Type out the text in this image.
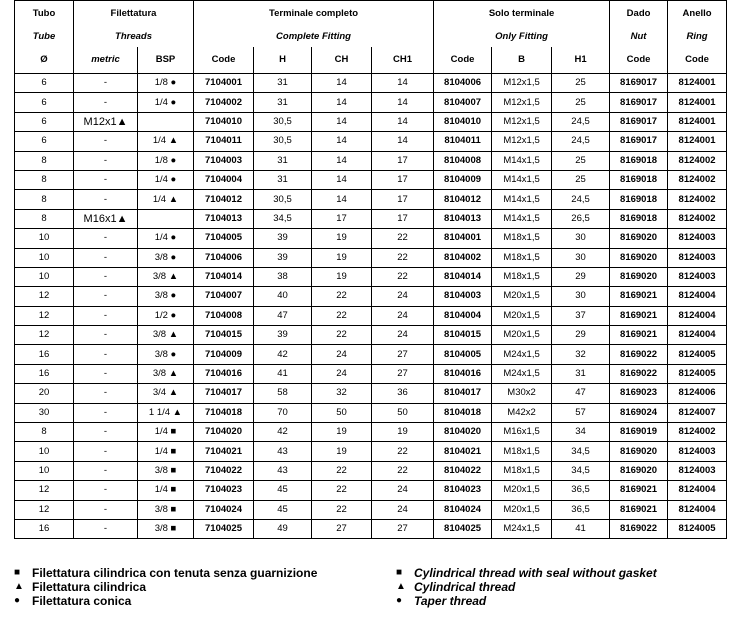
Tubo	Filettatura		Terminale completo				Solo terminale			Dado	Anello
Tube	Threads		Complete Fitting				Only Fitting			Nut	Ring
Ø	metric	BSP	Code	H	CH	CH1	Code	B	H1	Code	Code
6	-	1/8 ●	7104001	31	14	14	8104006	M12x1,5	25	8169017	8124001
6	-	1/4 ●	7104002	31	14	14	8104007	M12x1,5	25	8169017	8124001
6	M12x1▲		7104010	30,5	14	14	8104010	M12x1,5	24,5	8169017	8124001
6	-	1/4 ▲	7104011	30,5	14	14	8104011	M12x1,5	24,5	8169017	8124001
8	-	1/8 ●	7104003	31	14	17	8104008	M14x1,5	25	8169018	8124002
8	-	1/4 ●	7104004	31	14	17	8104009	M14x1,5	25	8169018	8124002
8	-	1/4 ▲	7104012	30,5	14	17	8104012	M14x1,5	24,5	8169018	8124002
8	M16x1▲		7104013	34,5	17	17	8104013	M14x1,5	26,5	8169018	8124002
10	-	1/4 ●	7104005	39	19	22	8104001	M18x1,5	30	8169020	8124003
10	-	3/8 ●	7104006	39	19	22	8104002	M18x1,5	30	8169020	8124003
10	-	3/8 ▲	7104014	38	19	22	8104014	M18x1,5	29	8169020	8124003
12	-	3/8 ●	7104007	40	22	24	8104003	M20x1,5	30	8169021	8124004
12	-	1/2 ●	7104008	47	22	24	8104004	M20x1,5	37	8169021	8124004
12	-	3/8 ▲	7104015	39	22	24	8104015	M20x1,5	29	8169021	8124004
16	-	3/8 ●	7104009	42	24	27	8104005	M24x1,5	32	8169022	8124005
16	-	3/8 ▲	7104016	41	24	27	8104016	M24x1,5	31	8169022	8124005
20	-	3/4 ▲	7104017	58	32	36	8104017	M30x2	47	8169023	8124006
30	-	1 1/4 ▲	7104018	70	50	50	8104018	M42x2	57	8169024	8124007
8	-	1/4 ■	7104020	42	19	19	8104020	M16x1,5	34	8169019	8124002
10	-	1/4 ■	7104021	43	19	22	8104021	M18x1,5	34,5	8169020	8124003
10	-	3/8 ■	7104022	43	22	22	8104022	M18x1,5	34,5	8169020	8124003
12	-	1/4 ■	7104023	45	22	24	8104023	M20x1,5	36,5	8169021	8124004
12	-	3/8 ■	7104024	45	22	24	8104024	M20x1,5	36,5	8169021	8124004
16	-	3/8 ■	7104025	49	27	27	8104025	M24x1,5	41	8169022	8124005
■ Filettatura cilindrica con tenuta senza guarnizione
▲ Filettatura cilindrica
● Filettatura conica
■ Cylindrical thread with seal without gasket
▲ Cylindrical thread
● Taper thread
